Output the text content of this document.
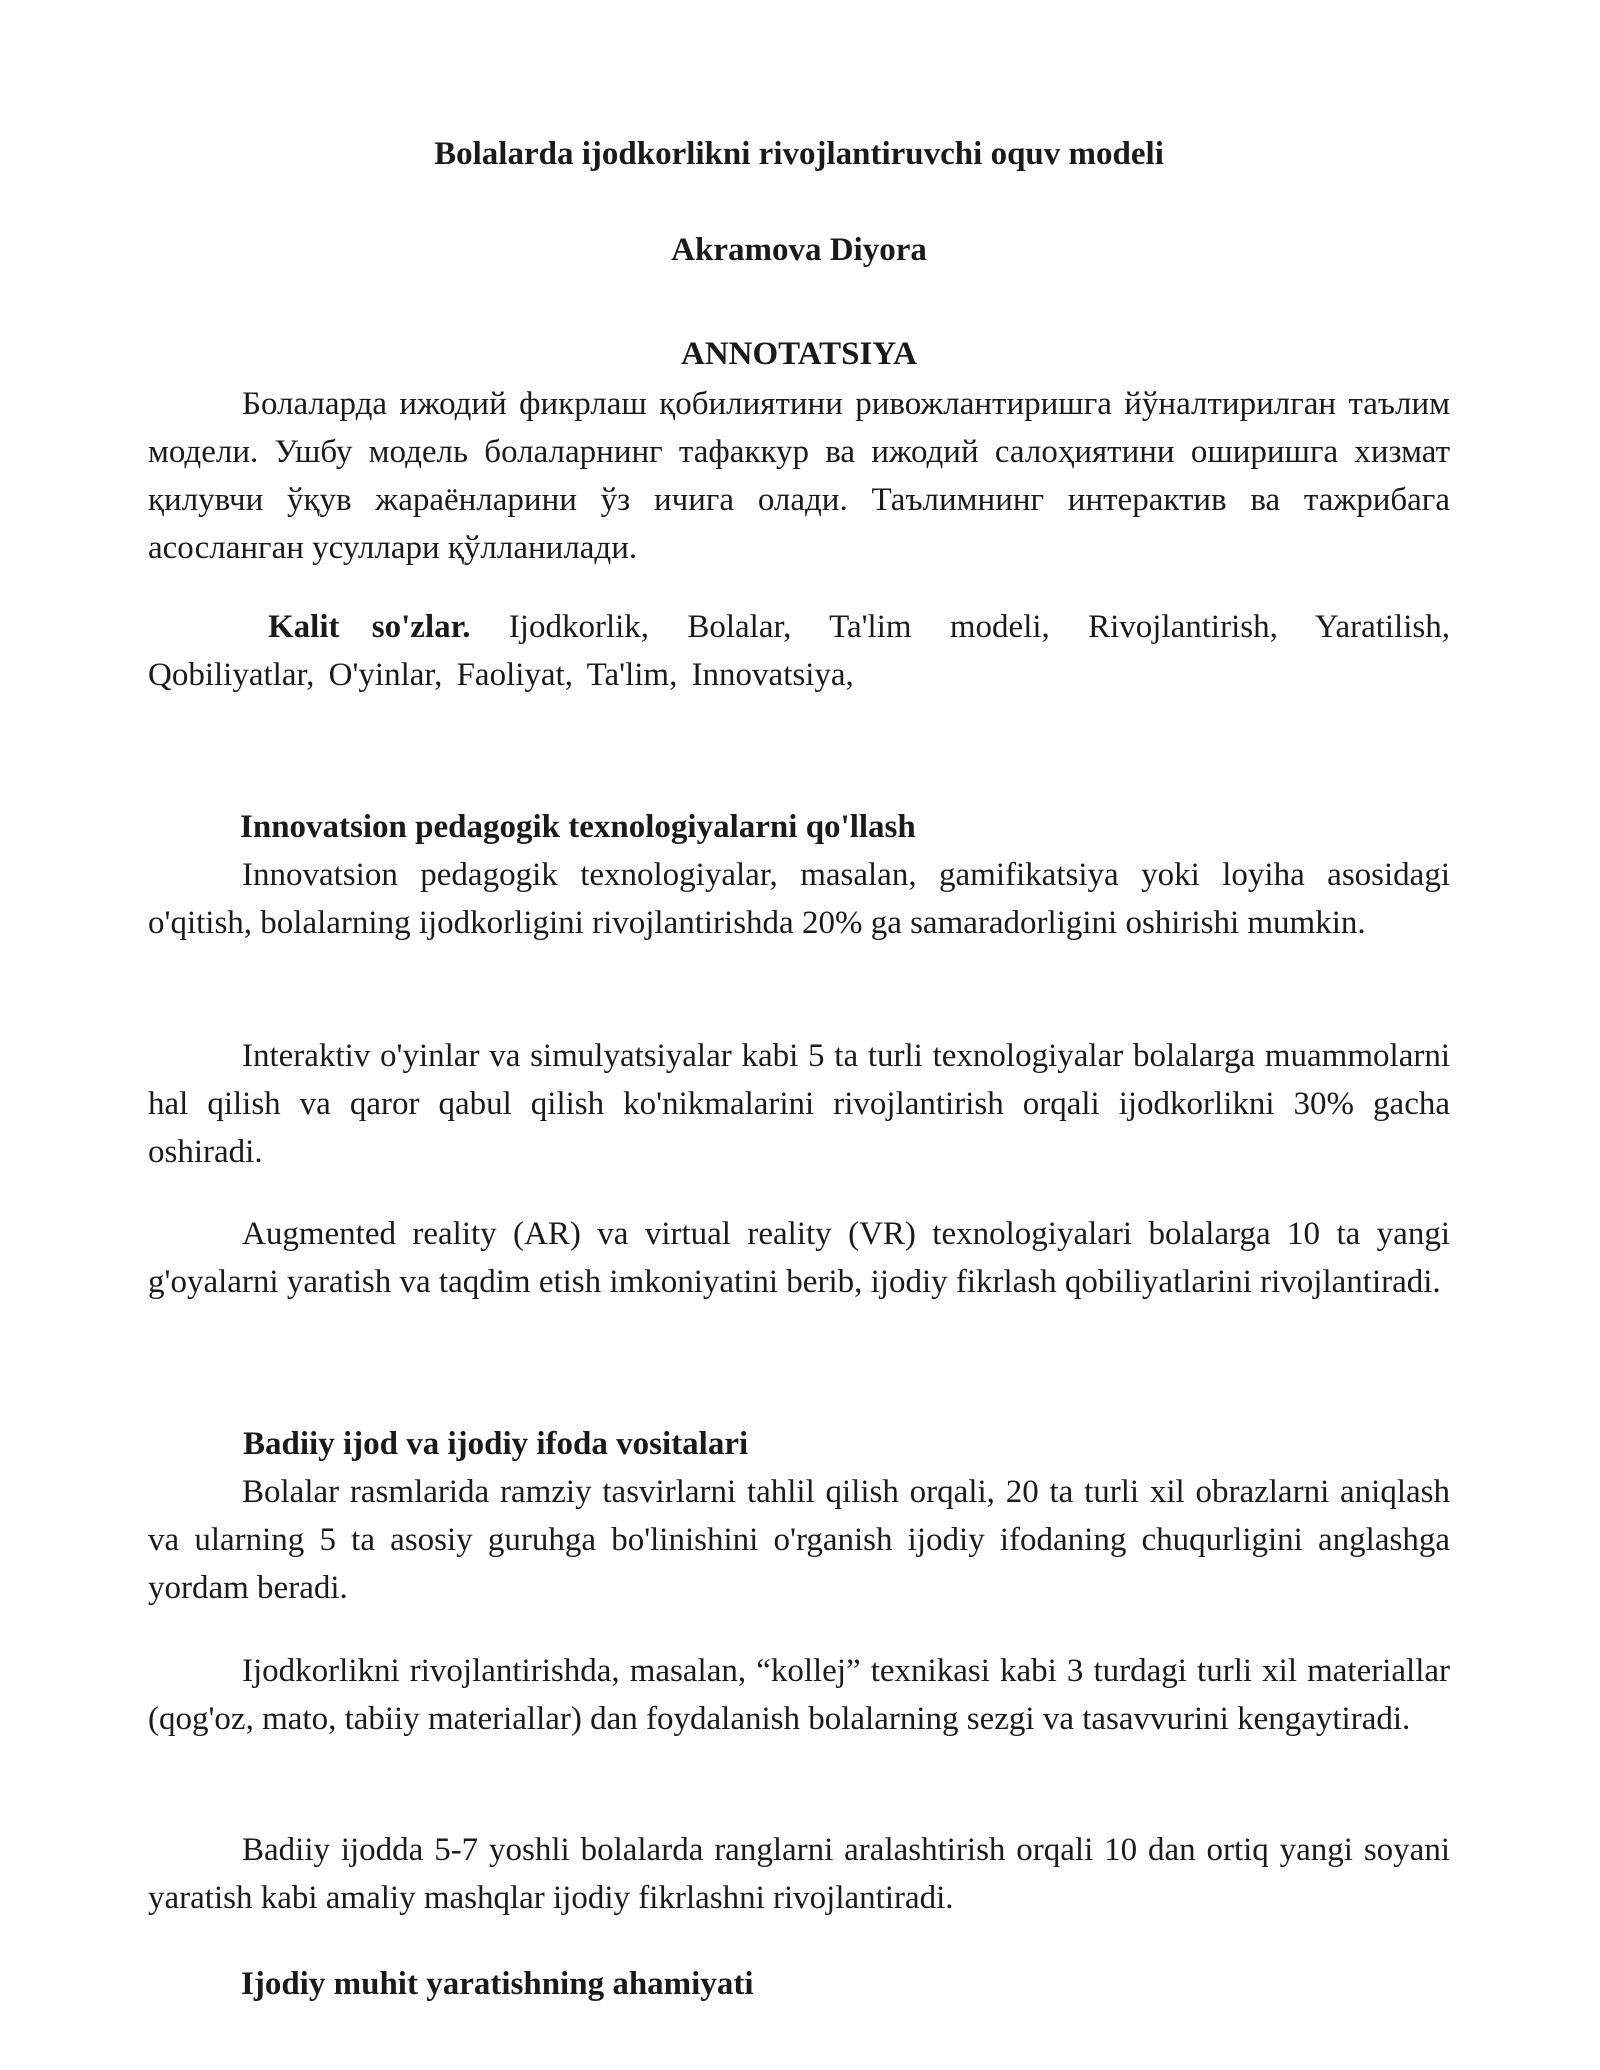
Bolalarda ijodkorlikni rivojlantiruvchi oquv modeli
Akramova Diyora
ANNOTATSIYA

Болаларда ижодий фикрлаш қобилиятини ривожлантиришга йўналтирилган таълим модели. Ушбу модель болаларнинг тафаккур ва ижодий салоҳиятини оширишга хизмат қилувчи ўқув жараёнларини ўз ичига олади. Таълимнинг интерактив ва тажрибага асосланган усуллари қўлланилади.

Kalit so'zlar. Ijodkorlik, Bolalar, Ta'lim modeli, Rivojlantirish, Yaratilish, Qobiliyatlar, O'yinlar, Faoliyat, Ta'lim, Innovatsiya,

Innovatsion pedagogik texnologiyalarni qo'llash

Innovatsion pedagogik texnologiyalar, masalan, gamifikatsiya yoki loyiha asosidagi o'qitish, bolalarning ijodkorligini rivojlantirishda 20% ga samaradorligini oshirishi mumkin.

Interaktiv o'yinlar va simulyatsiyalar kabi 5 ta turli texnologiyalar bolalarga muammolarni hal qilish va qaror qabul qilish ko'nikmalarini rivojlantirish orqali ijodkorlikni 30% gacha oshiradi.

Augmented reality (AR) va virtual reality (VR) texnologiyalari bolalarga 10 ta yangi g'oyalarni yaratish va taqdim etish imkoniyatini berib, ijodiy fikrlash qobiliyatlarini rivojlantiradi.

Badiiy ijod va ijodiy ifoda vositalari

Bolalar rasmlarida ramziy tasvirlarni tahlil qilish orqali, 20 ta turli xil obrazlarni aniqlash va ularning 5 ta asosiy guruhga bo'linishini o'rganish ijodiy ifodaning chuqurligini anglashga yordam beradi.

Ijodkorlikni rivojlantirishda, masalan, “kollej” texnikasi kabi 3 turdagi turli xil materiallar (qog'oz, mato, tabiiy materiallar) dan foydalanish bolalarning sezgi va tasavvurini kengaytiradi.

Badiiy ijodda 5-7 yoshli bolalarda ranglarni aralashtirish orqali 10 dan ortiq yangi soyani yaratish kabi amaliy mashqlar ijodiy fikrlashni rivojlantiradi.

Ijodiy muhit yaratishning ahamiyati
